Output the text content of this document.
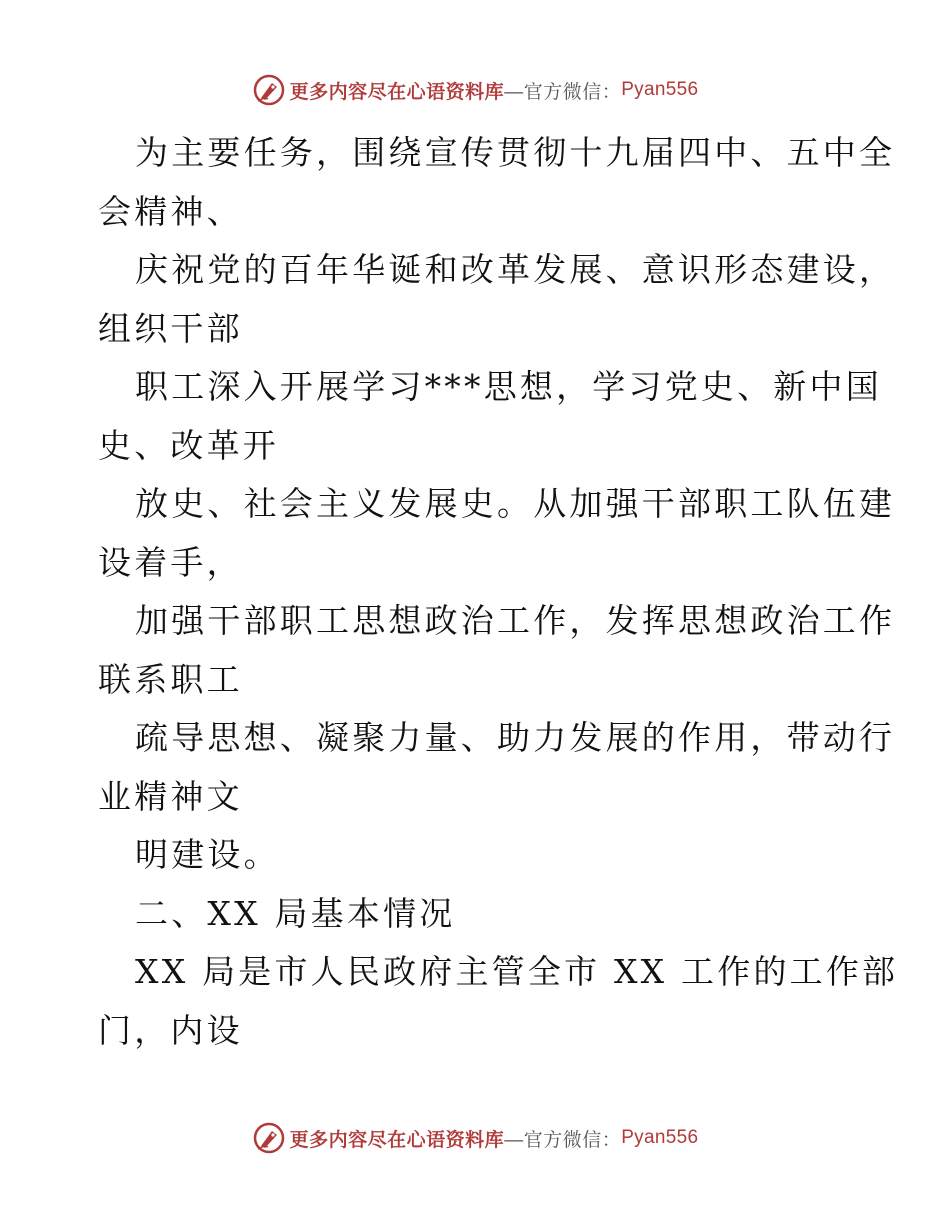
更多内容尽在心语资料库 —官方微信： Pyan556
为主要任务，围绕宣传贯彻十九届四中、五中全
会精神、
庆祝党的百年华诞和改革发展、意识形态建设，
组织干部
职工深入开展学习***思想，学习党史、新中国
史、改革开
放史、社会主义发展史。从加强干部职工队伍建
设着手，
加强干部职工思想政治工作，发挥思想政治工作
联系职工
疏导思想、凝聚力量、助力发展的作用，带动行
业精神文
明建设。
二、XX 局基本情况
XX 局是市人民政府主管全市 XX 工作的工作部
门，内设
更多内容尽在心语资料库 —官方微信： Pyan556
